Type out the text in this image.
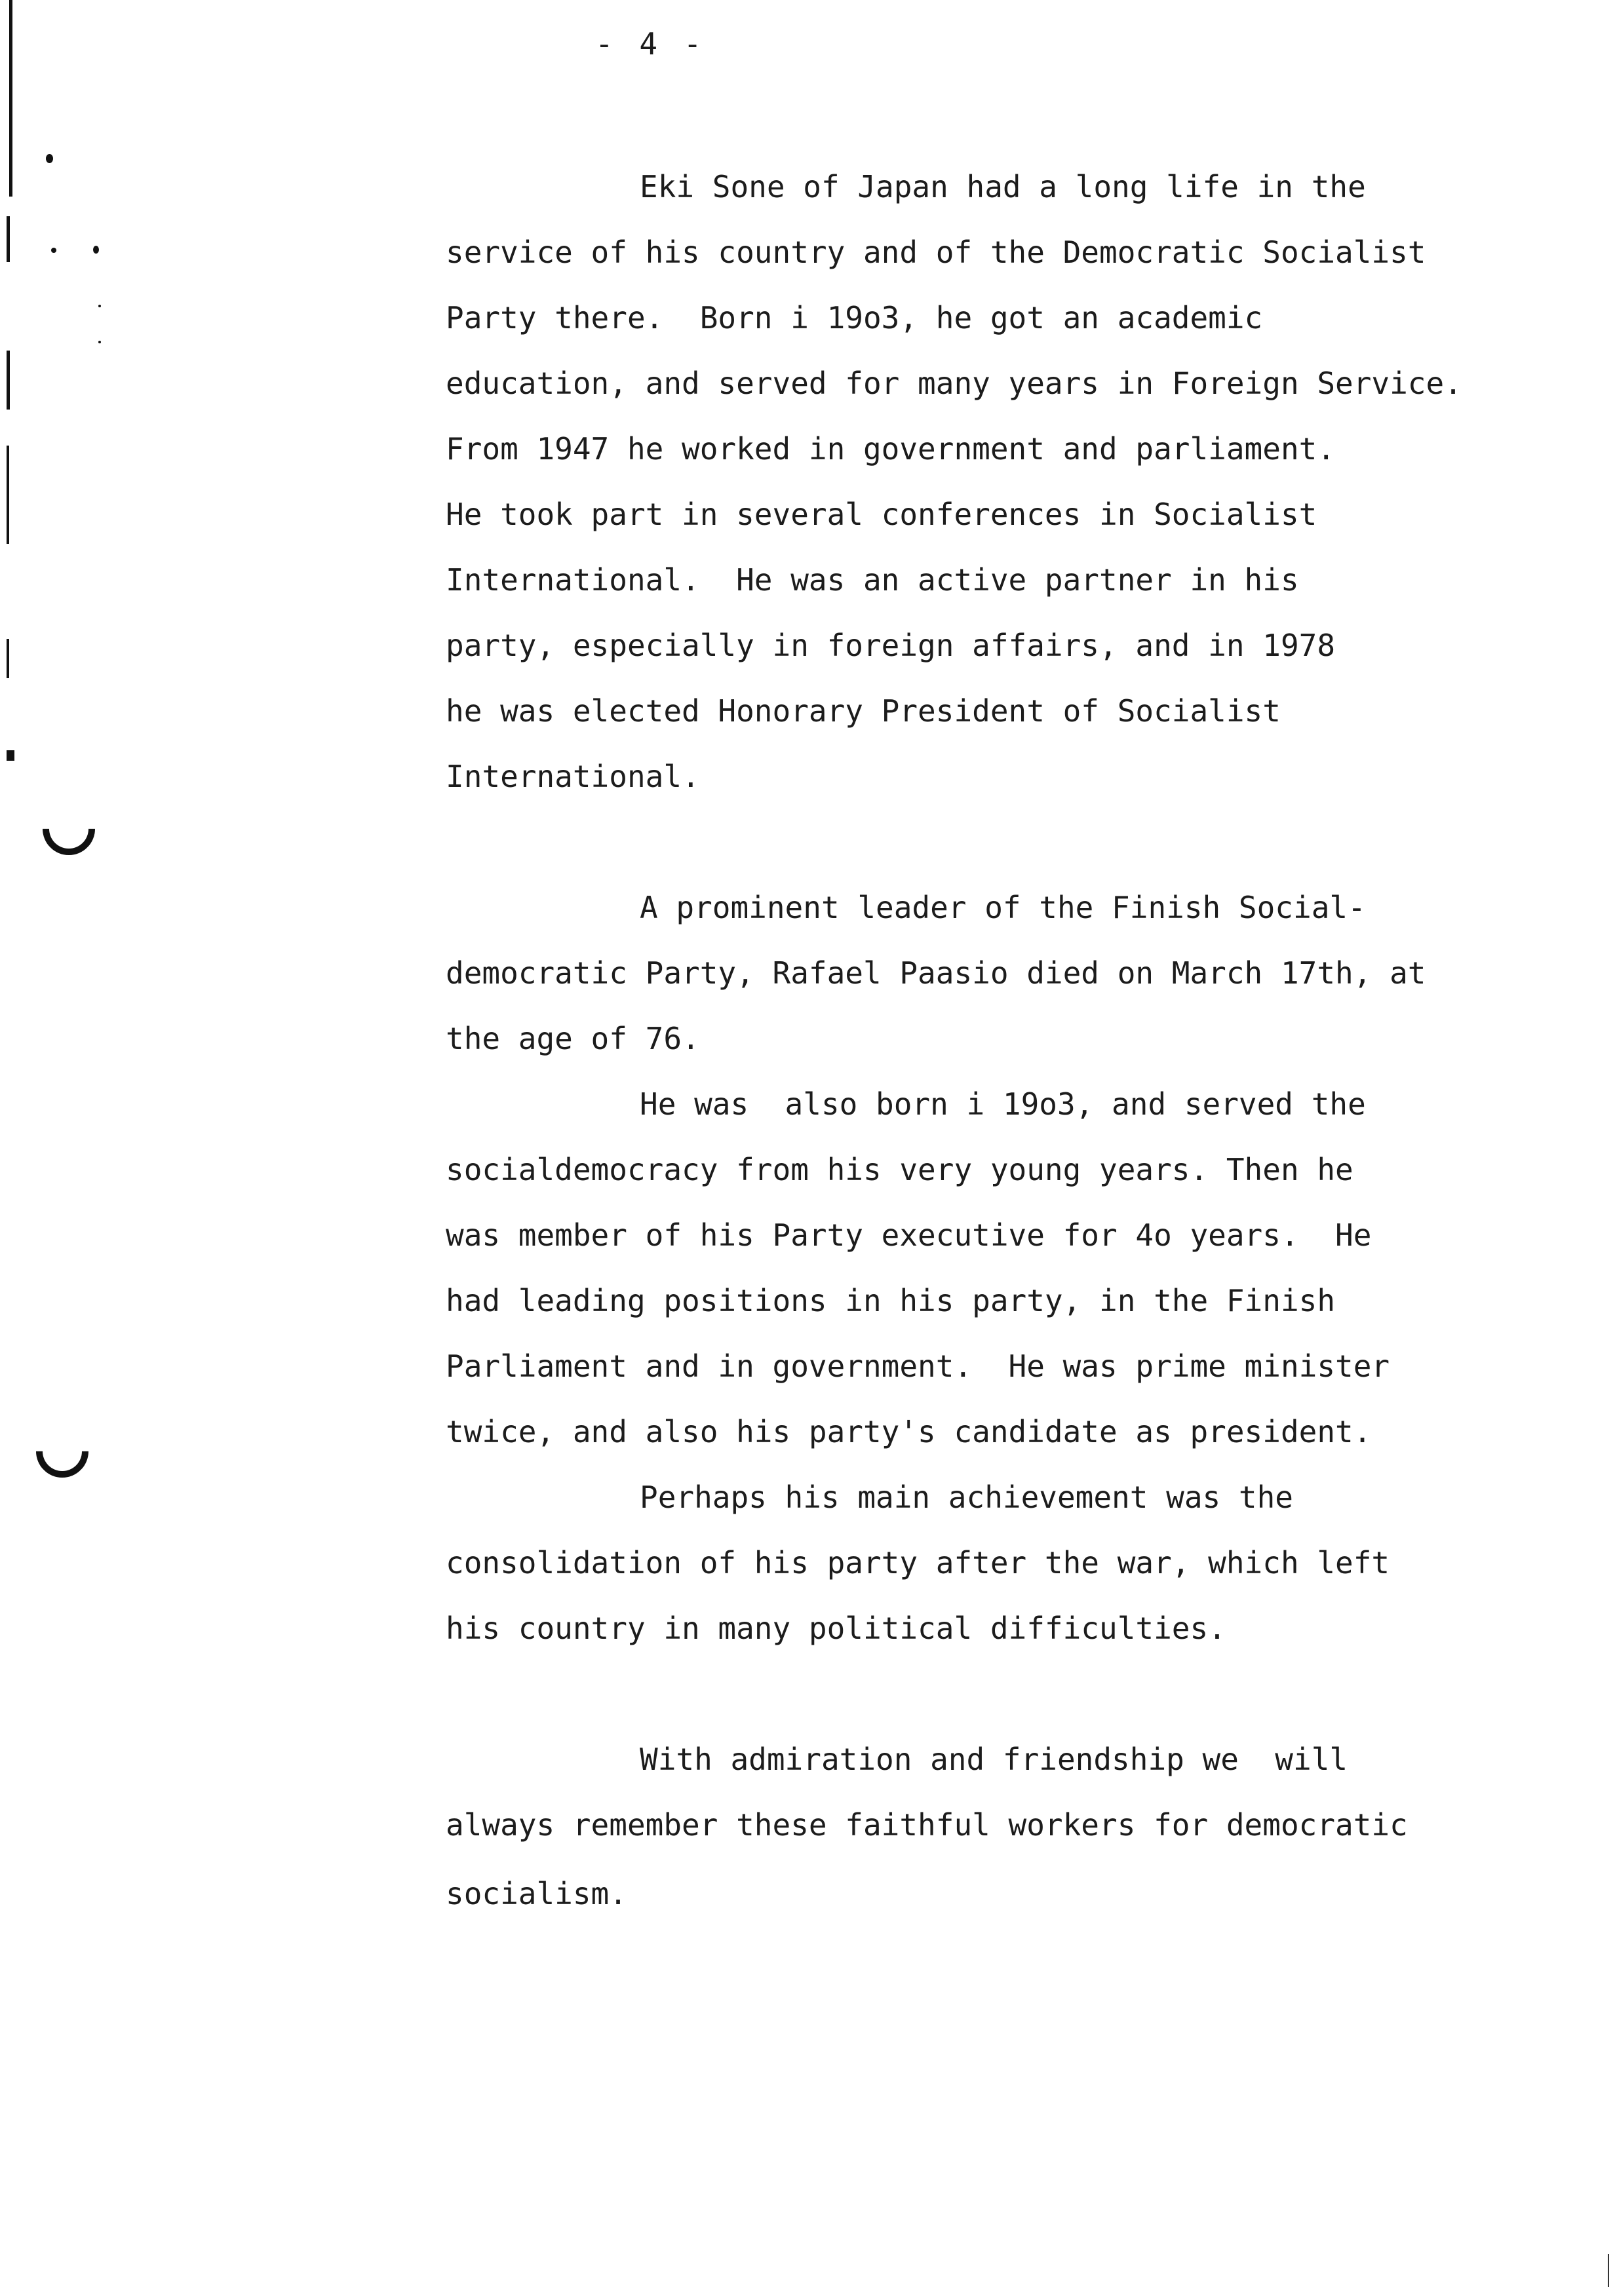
- 4 -
Eki Sone of Japan had a long life in the
service of his country and of the Democratic Socialist
Party there.  Born i 19o3, he got an academic
education, and served for many years in Foreign Service.
From 1947 he worked in government and parliament.
He took part in several conferences in Socialist
International.  He was an active partner in his
party, especially in foreign affairs, and in 1978
he was elected Honorary President of Socialist
International.
A prominent leader of the Finish Social-
democratic Party, Rafael Paasio died on March 17th, at
the age of 76.
He was  also born i 19o3, and served the
socialdemocracy from his very young years. Then he
was member of his Party executive for 4o years.  He
had leading positions in his party, in the Finish
Parliament and in government.  He was prime minister
twice, and also his party's candidate as president.
Perhaps his main achievement was the
consolidation of his party after the war, which left
his country in many political difficulties.
With admiration and friendship we  will
always remember these faithful workers for democratic
socialism.
